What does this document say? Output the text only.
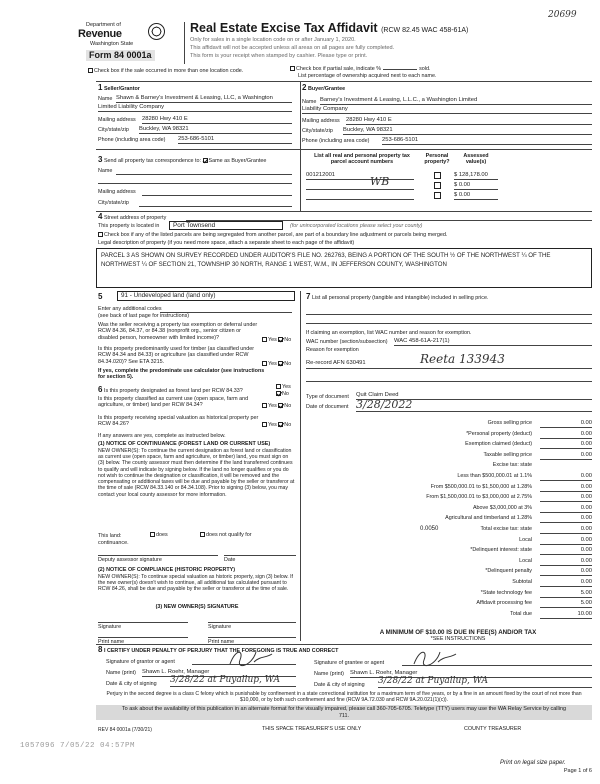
20699
Department of
Revenue
Washington State
Form 84 0001a
Real Estate Excise Tax Affidavit (RCW 82.45 WAC 458-61A)
Only for sales in a single location code on or after January 1, 2020.
This affidavit will not be accepted unless all areas on all pages are fully completed.
This form is your receipt when stamped by cashier. Please type or print.
Check box if the sale occurred in more than one location code.	Check box if partial sale, indicate %	sold.
List percentage of ownership acquired next to each name.
1 Seller/Grantor
Name Shawn & Barney's Investment & Leasing, LLC, a Washington
Limited Liability Company
Mailing address 28280 Hwy 410 E
City/state/zip Buckley, WA 98321
Phone (including area code) 253-686-5101
2 Buyer/Grantee
Name Barney's Investment & Leasing, L.L.C., a Washington Limited
Liability Company
Mailing address 28280 Hwy 410 E
City/state/zip Buckley, WA 98321
Phone (including area code) 253-686-5101
3 Send all property tax correspondence to: Same as Buyer/Grantee
Name
Mailing address
City/state/zip
List all real and personal property tax parcel account numbers
Personal property?
Assessed value(s)
001212001	WB	$ 128,178.00
$ 0.00
$ 0.00
4 Street address of property
This property is located in	Port Townsend	(for unincorporated locations please select your county)
Check box if any of the listed parcels are being segregated from another parcel, are part of a boundary line adjustment or parcels being merged.
Legal description of property (if you need more space, attach a separate sheet to each page of the affidavit)
PARCEL 3 AS SHOWN ON SURVEY RECORDED UNDER AUDITOR'S FILE NO. 262763, BEING A PORTION OF THE SOUTH ½ OF THE NORTHWEST ¼ OF THE NORTHWEST ¼ OF SECTION 21, TOWNSHIP 30 NORTH, RANGE 1 WEST, W.M., IN JEFFERSON COUNTY, WASHINGTON
5	91 - Undeveloped land (land only)
Enter any additional codes
(see back of last page for instructions)
Was the seller receiving a property tax exemption or deferral under RCW 84.36, 84.37, or 84.38 (nonprofit org., senior citizen or disabled person, homeowner with limited income)?	Yes No
Is this property predominantly used for timber (as classified under RCW 84.34 and 84.33) or agriculture (as classified under RCW 84.34.020)? See ETA 3215.	Yes No
If yes, complete the predominate use calculator (see instructions for section 5).
6 Is this property designated as forest land per RCW 84.33?
Yes
No
Is this property classified as current use (open space, farm and agriculture, or timber) land per RCW 84.34?	Yes No
Is this property receiving special valuation as historical property per RCW 84.26?	Yes No
If any answers are yes, complete as instructed below.
(1) NOTICE OF CONTINUANCE (FOREST LAND OR CURRENT USE)
NEW OWNER(S): To continue the current designation as forest land or classification as current use (open space, farm and agriculture, or timber) land, you must sign on (3) below. The county assessor must then determine if the land transferred continues to qualify and will indicate by signing below. If the land no longer qualifies or you do not wish to continue the designation or classification, it will be removed and the compensating or additional taxes will be due and payable by the seller or transferor at the time of sale (RCW 84.33.140 or 84.34.108). Prior to signing (3) below, you may contact your local county assessor for more information.
This land:	does	does not qualify for
continuance.
Deputy assessor signature	Date
(2) NOTICE OF COMPLIANCE (HISTORIC PROPERTY)
NEW OWNER(S): To continue special valuation as historic property, sign (3) below. If the new owner(s) doesn't wish to continue, all additional tax calculated pursuant to RCW 84.26, shall be due and payable by the seller or transferor at the time of sale.
(3) NEW OWNER(S) SIGNATURE
Signature	Signature
Print name	Print name
7 List all personal property (tangible and intangible) included in selling price.
If claiming an exemption, list WAC number and reason for exemption.
WAC number (section/subsection) WAC 458-61A-217(1)
Reason for exemption
Re-record AFN 630491	Reeta 133943
Type of document Quit Claim Deed
Date of document 3/28/2022
Gross selling price	0.00
*Personal property (deduct)	0.00
Exemption claimed (deduct)	0.00
Taxable selling price	0.00
Excise tax: state
Less than $500,000.01 at 1.1%	0.00
From $500,000.01 to $1,500,000 at 1.28%	0.00
From $1,500,000.01 to $3,000,000 at 2.75%	0.00
Above $3,000,000 at 3%	0.00
Agricultural and timberland at 1.28%	0.00
Total excise tax: state	0.00
Local	0.00
*Delinquent interest: state	0.00
Local	0.00
*Delinquent penalty	0.00
Subtotal	0.00
*State technology fee	5.00
Affidavit processing fee	5.00
Total due	10.00
0.0050
A MINIMUM OF $10.00 IS DUE IN FEE(S) AND/OR TAX
*SEE INSTRUCTIONS
8 I CERTIFY UNDER PENALTY OF PERJURY THAT THE FOREGOING IS TRUE AND CORRECT
Signature of grantor or agent
Name (print) Shawn L. Roehr, Manager
Date & city of signing 3/28/22 at Puyallup, WA
Signature of grantee or agent
Name (print) Shawn L. Roehr, Manager
Date & city of signing 3/28/22 at Puyallup, WA
Perjury in the second degree is a class C felony which is punishable by confinement in a state correctional institution for a maximum term of five years, or by a fine in an amount fixed by the court of not more than $10,000, or by both such confinement and fine (RCW 9A.72.030 and RCW 9A.20.021(1)(c)).
To ask about the availability of this publication in an alternate format for the visually impaired, please call 360-705-6705. Teletype (TTY) users may use the WA Relay Service by calling 711.
REV 84 0001a (7/30/21)	THIS SPACE TREASURER'S USE ONLY	COUNTY TREASURER
1057096 7/05/22 04:57PM
Print on legal size paper.
Page 1 of 6
